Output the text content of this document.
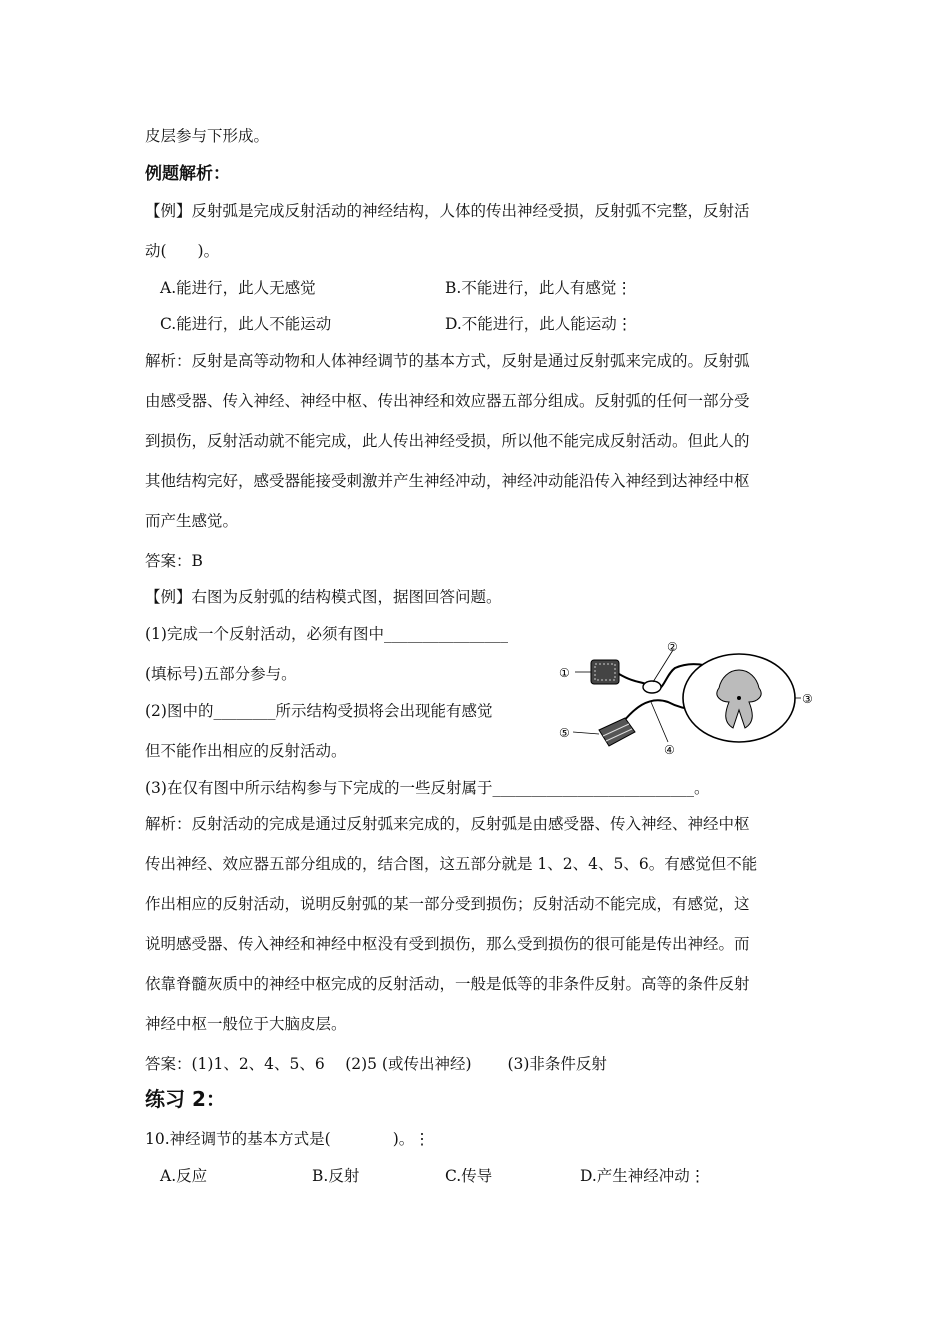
皮层参与下形成。
例题解析：
【例】反射弧是完成反射活动的神经结构，人体的传出神经受损，反射弧不完整，反射活
动(　　)。
A.能进行，此人无感觉	B.不能进行，此人有感觉⋮
C.能进行，此人不能运动	D.不能进行，此人能运动⋮
解析：反射是高等动物和人体神经调节的基本方式，反射是通过反射弧来完成的。反射弧
由感受器、传入神经、神经中枢、传出神经和效应器五部分组成。反射弧的任何一部分受
到损伤，反射活动就不能完成，此人传出神经受损，所以他不能完成反射活动。但此人的
其他结构完好，感受器能接受刺激并产生神经冲动，神经冲动能沿传入神经到达神经中枢
而产生感觉。
答案：B
【例】右图为反射弧的结构模式图，据图回答问题。
(1)完成一个反射活动，必须有图中________________
(填标号)五部分参与。
(2)图中的________所示结构受损将会出现能有感觉
但不能作出相应的反射活动。
(3)在仅有图中所示结构参与下完成的一些反射属于__________________________。
①
②
③
④
⑤
解析：反射活动的完成是通过反射弧来完成的，反射弧是由感受器、传入神经、神经中枢
传出神经、效应器五部分组成的，结合图，这五部分就是 1、2、4、5、6。有感觉但不能
作出相应的反射活动，说明反射弧的某一部分受到损伤；反射活动不能完成，有感觉，这
说明感受器、传入神经和神经中枢没有受到损伤，那么受到损伤的很可能是传出神经。而
依靠脊髓灰质中的神经中枢完成的反射活动，一般是低等的非条件反射。高等的条件反射
神经中枢一般位于大脑皮层。
答案：(1)1、2、4、5、6　 (2)5 (或传出神经)　　 (3)非条件反射
练习 2：
10.神经调节的基本方式是(　　　　)。⋮
A.反应	B.反射	C.传导	D.产生神经冲动⋮
